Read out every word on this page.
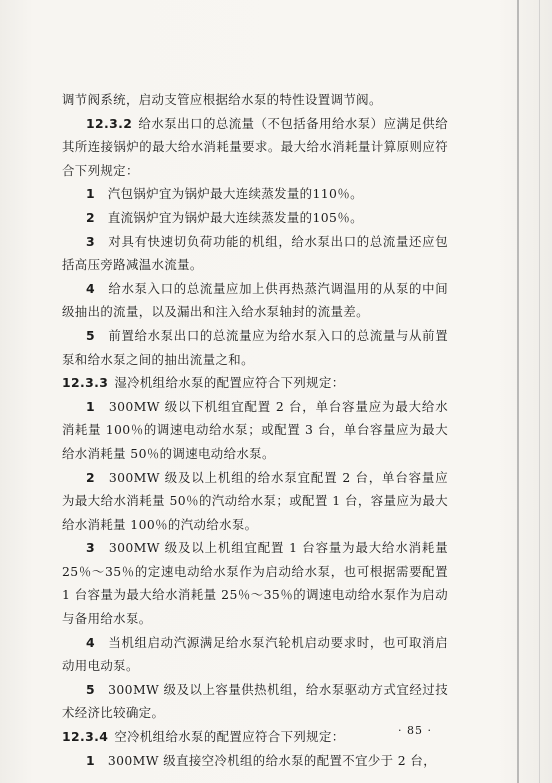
调节阀系统，启动支管应根据给水泵的特性设置调节阀。

12.3.2 给水泵出口的总流量（不包括备用给水泵）应满足供给其所连接锅炉的最大给水消耗量要求。最大给水消耗量计算原则应符合下列规定：

1　 汽包锅炉宜为锅炉最大连续蒸发量的110％。

2　 直流锅炉宜为锅炉最大连续蒸发量的105％。

3　 对具有快速切负荷功能的机组，给水泵出口的总流量还应包括高压旁路减温水流量。

4　 给水泵入口的总流量应加上供再热蒸汽调温用的从泵的中间级抽出的流量，以及漏出和注入给水泵轴封的流量差。

5　 前置给水泵出口的总流量应为给水泵入口的总流量与从前置泵和给水泵之间的抽出流量之和。

12.3.3 湿冷机组给水泵的配置应符合下列规定：

1　 300MW 级以下机组宜配置 2 台，单台容量应为最大给水消耗量 100％的调速电动给水泵；或配置 3 台，单台容量应为最大给水消耗量 50％的调速电动给水泵。

2　 300MW 级及以上机组的给水泵宜配置 2 台，单台容量应为最大给水消耗量 50％的汽动给水泵；或配置 1 台，容量应为最大给水消耗量 100％的汽动给水泵。

3　 300MW 级及以上机组宜配置 1 台容量为最大给水消耗量 25％～35％的定速电动给水泵作为启动给水泵，也可根据需要配置 1 台容量为最大给水消耗量 25％～35％的调速电动给水泵作为启动与备用给水泵。

4　 当机组启动汽源满足给水泵汽轮机启动要求时，也可取消启动用电动泵。

5　 300MW 级及以上容量供热机组，给水泵驱动方式宜经过技术经济比较确定。

12.3.4 空冷机组给水泵的配置应符合下列规定：

1　 300MW 级直接空冷机组的给水泵的配置不宜少于 2 台，

· 85 ·
